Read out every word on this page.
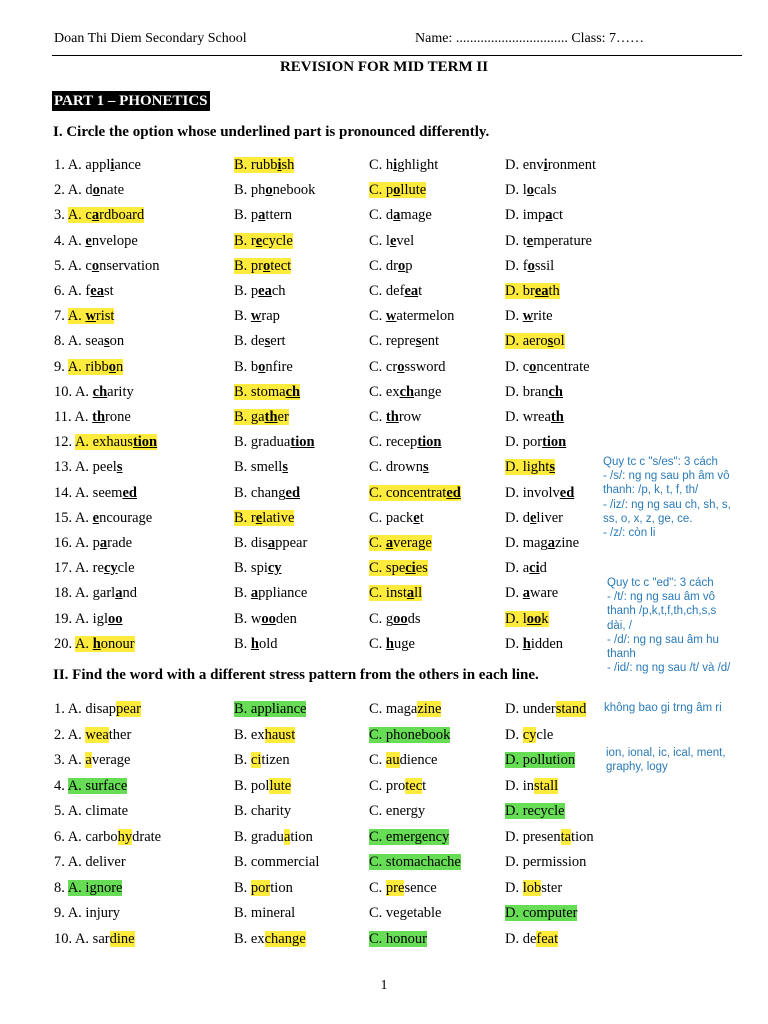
Doan Thi Diem Secondary School	Name: ................................ Class: 7……
REVISION FOR MID TERM II
PART 1 – PHONETICS
I. Circle the option whose underlined part is pronounced differently.
1. A. appliance	B. rubbish	C. highlight	D. environment
2. A. donate	B. phonebook	C. pollute	D. locals
3. A. cardboard	B. pattern	C. damage	D. impact
4. A. envelope	B. recycle	C. level	D. temperature
5. A. conservation	B. protect	C. drop	D. fossil
6. A. feast	B. peach	C. defeat	D. breath
7. A. wrist	B. wrap	C. watermelon	D. write
8. A. season	B. desert	C. represent	D. aerosol
9. A. ribbon	B. bonfire	C. crossword	D. concentrate
10. A. charity	B. stomach	C. exchange	D. branch
11. A. throne	B. gather	C. throw	D. wreath
12. A. exhaustion	B. graduation	C. reception	D. portion
13. A. peels	B. smells	C. drowns	D. lights
14. A. seemed	B. changed	C. concentrated	D. involved
15. A. encourage	B. relative	C. packet	D. deliver
16. A. parade	B. disappear	C. average	D. magazine
17. A. recycle	B. spicy	C. species	D. acid
18. A. garland	B. appliance	C. install	D. aware
19. A. igloo	B. wooden	C. goods	D. look
20. A. honour	B. hold	C. huge	D. hidden
II. Find the word with a different stress pattern from the others in each line.
1. A. disappear	B. appliance	C. magazine	D. understand
2. A. weather	B. exhaust	C. phonebook	D. cycle
3. A. average	B. citizen	C. audience	D. pollution
4. A. surface	B. pollute	C. protect	D. install
5. A. climate	B. charity	C. energy	D. recycle
6. A. carbohydrate	B. graduation	C. emergency	D. presentation
7. A. deliver	B. commercial	C. stomachache	D. permission
8. A. ignore	B. portion	C. presence	D. lobster
9. A. injury	B. mineral	C. vegetable	D. computer
10. A. sardine	B. exchange	C. honour	D. defeat
Quy tc c "s/es": 3 cách
- /s/: ng ng sau ph âm vô
thanh: /p, k, t, f, th/
- /iz/: ng ng sau ch, sh, s,
ss, o, x, z, ge, ce.
- /z/: còn li
Quy tc c "ed": 3 cách
- /t/: ng ng sau âm vô
thanh /p,k,t,f,th,ch,s,s
dài, /
- /d/: ng ng sau âm hu
thanh
- /id/: ng ng sau /t/ và /d/
không bao gi trng âm ri
ion, ional, ic, ical, ment,
graphy, logy
1
